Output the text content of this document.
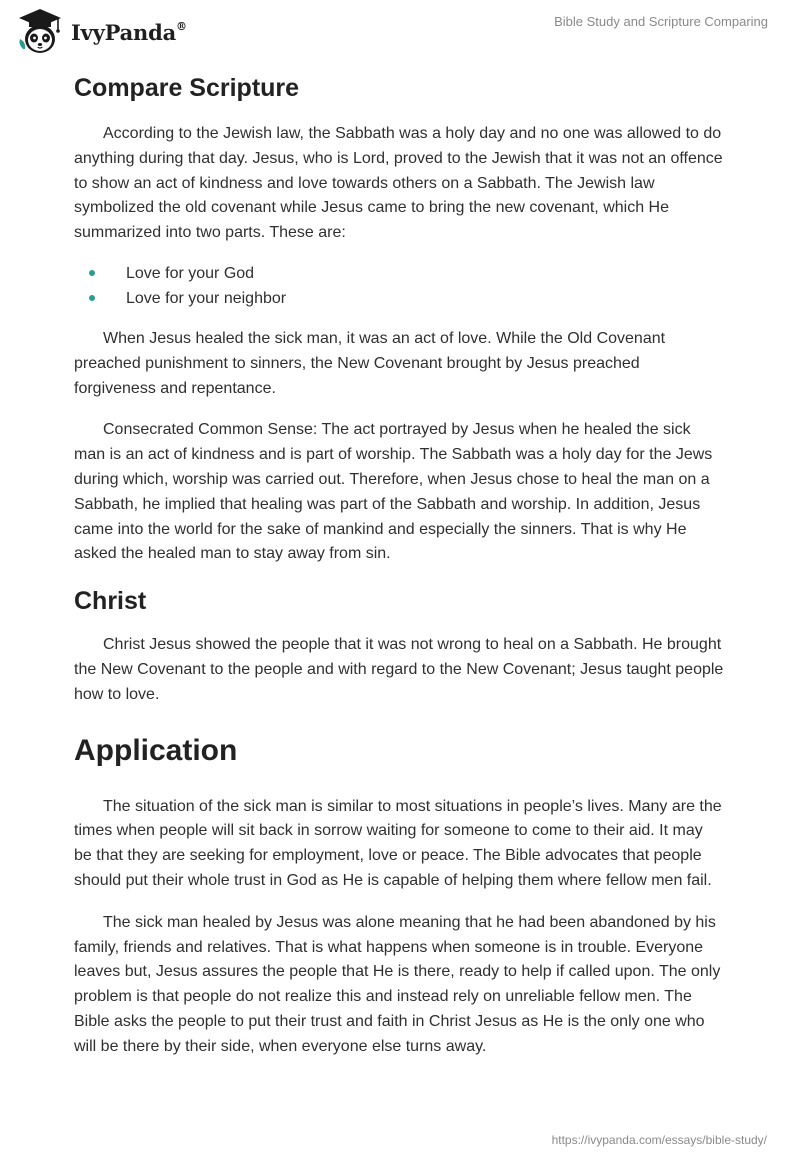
IvyPanda®	Bible Study and Scripture Comparing
Compare Scripture

According to the Jewish law, the Sabbath was a holy day and no one was allowed to do anything during that day. Jesus, who is Lord, proved to the Jewish that it was not an offence to show an act of kindness and love towards others on a Sabbath. The Jewish law symbolized the old covenant while Jesus came to bring the new covenant, which He summarized into two parts. These are:

Love for your God
Love for your neighbor

When Jesus healed the sick man, it was an act of love. While the Old Covenant preached punishment to sinners, the New Covenant brought by Jesus preached forgiveness and repentance.

Consecrated Common Sense: The act portrayed by Jesus when he healed the sick man is an act of kindness and is part of worship. The Sabbath was a holy day for the Jews during which, worship was carried out. Therefore, when Jesus chose to heal the man on a Sabbath, he implied that healing was part of the Sabbath and worship. In addition, Jesus came into the world for the sake of mankind and especially the sinners. That is why He asked the healed man to stay away from sin.

Christ

Christ Jesus showed the people that it was not wrong to heal on a Sabbath. He brought the New Covenant to the people and with regard to the New Covenant; Jesus taught people how to love.

Application

The situation of the sick man is similar to most situations in people’s lives. Many are the times when people will sit back in sorrow waiting for someone to come to their aid. It may be that they are seeking for employment, love or peace. The Bible advocates that people should put their whole trust in God as He is capable of helping them where fellow men fail.

The sick man healed by Jesus was alone meaning that he had been abandoned by his family, friends and relatives. That is what happens when someone is in trouble. Everyone leaves but, Jesus assures the people that He is there, ready to help if called upon. The only problem is that people do not realize this and instead rely on unreliable fellow men. The Bible asks the people to put their trust and faith in Christ Jesus as He is the only one who will be there by their side, when everyone else turns away.

https://ivypanda.com/essays/bible-study/
